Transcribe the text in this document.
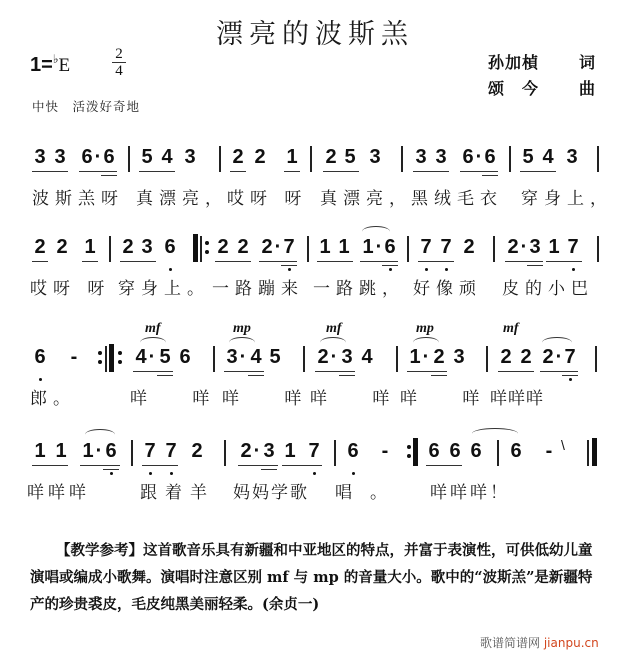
漂亮的波斯羔
1=♭E
2
4	孙加楨 词
颂　今 曲
中快　活泼好奇地
3 3 6 · 6 5 4 3 2 2 1 2 5 3 3 3 6 · 6 5 4 3
波斯羔呀 真漂亮， 哎呀 呀 真漂亮， 黑绒毛衣 穿身上，
2 2 1 2 3 6 2 2 2 · 7 1 1 1 · 6 7 7 2 2 · 3 1 7
哎呀 呀 穿身上。 一路蹦来 一路跳， 好像顽 皮的小巴
mf	mp	mf	mp	mf
6 -	4 · 5 6 3 · 4 5 2 · 3 4 1 · 2 3 2 2 2 · 7
郎。	咩 咩 咩 咩 咩 咩 咩 咩 咩咩咩
1 1 1 · 6 7 7 2 2 · 3 1 7 6 - 6 6 6 6 - \
咩咩咩	跟着羊 妈妈学歌 唱。 咩咩咩！
【教学参考】这首歌音乐具有新疆和中亚地区的特点，并富于表演性，可供低幼儿童演唱或编成小歌舞。演唱时注意区别 mf 与 mp 的音量大小。歌中的“波斯羔”是新疆特产的珍贵裘皮，毛皮纯黑美丽轻柔。(余贞一)
歌谱简谱网 jianpu.cn
